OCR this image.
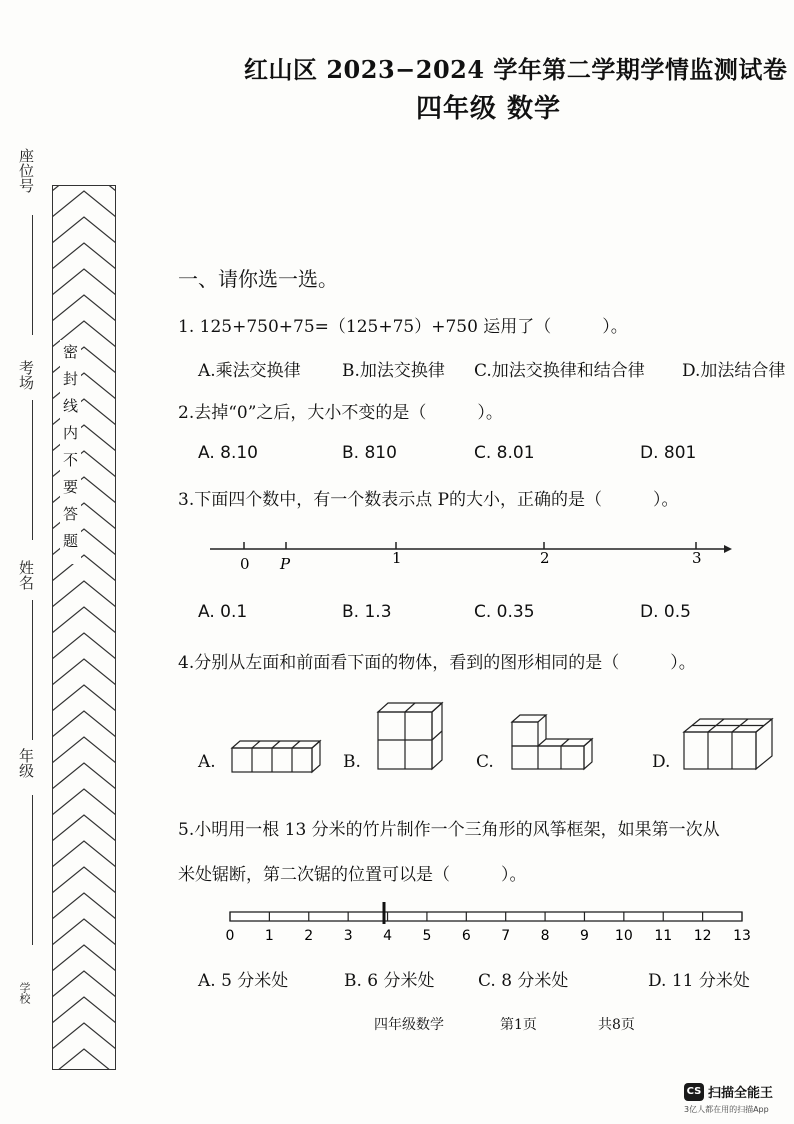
红山区 2023−2024 学年第二学期学情监测试卷
四年级 数学
座位号
考场
姓名
年级
学校
密封线内不要答题
一、请你选一选。
1. 125+750+75=（125+75）+750 运用了（　　　）。
A.乘法交换律 B.加法交换律 C.加法交换律和结合律 D.加法结合律
2.去掉“0”之后，大小不变的是（　　　）。
A. 8.10	B. 810	C. 8.01	D. 801
3.下面四个数中，有一个数表示点 P的大小，正确的是（　　　）。
0 P	1	2	3
A. 0.1	B. 1.3	C. 0.35	D. 0.5
4.分别从左面和前面看下面的物体，看到的图形相同的是（　　　）。
A.	B.	C.	D.
5.小明用一根 13 分米的竹片制作一个三角形的风筝框架，如果第一次从
米处锯断，第二次锯的位置可以是（　　　）。
0 1 2 3 4 5 6 7 8 9 10 11 12 13
A. 5 分米处	B. 6 分米处	C. 8 分米处	D. 11 分米处
四年级数学	第1页	共8页
CS 扫描全能王
3亿人都在用的扫描App
